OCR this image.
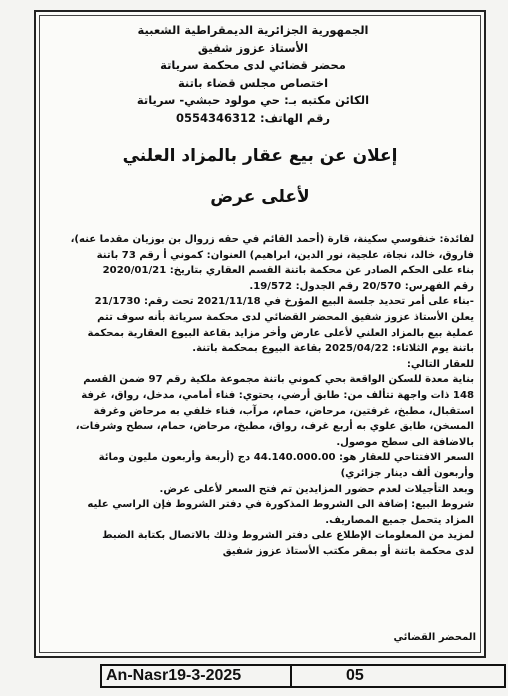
الجمهورية الجزائرية الديمقراطية الشعبية
الأستاذ عزوز شفيق
محضر قضائي لدى محكمة سرياتة
اختصاص مجلس قضاء باتنة
الكائن مكتبه بـ: حي مولود حبشي- سرياتة
رقم الهاتف: 0554346312
إعلان عن بيع عقار بالمزاد العلني
لأعلى عرض
لفائدة: خنفوسي سكينة، قارة (أحمد القائم في حقه زروال بن بوزيان مقدما عنه)،
فاروق، خالد، نجاة، علجية، نور الدين، ابراهيم) العنوان: كموني أ رقم 73 باتنة
بناء على الحكم الصادر عن محكمة باتنة القسم العقاري بتاريخ: 2020/01/21
رقم الفهرس: 20/570 رقم الجدول: 19/572.
-بناء على أمر تحديد جلسة البيع المؤرخ في 2021/11/18 تحت رقم: 21/1730
يعلن الأستاذ عزوز شفيق المحضر القضائي لدى محكمة سرياتة بأنه سوف تتم
عملية بيع بالمزاد العلني لأعلى عارض وأخر مزايد بقاعة البيوع العقارية بمحكمة
باتنة يوم الثلاثاء: 2025/04/22 بقاعة البيوع بمحكمة باتنة.
للعقار التالي:
بناية معدة للسكن الواقعة بحي كموني باتنة مجموعة ملكية رقم 97 ضمن القسم
148 ذات واجهة تتألف من: طابق أرضي، يحتوي: فناء أمامي، مدخل، رواق، غرفة
استقبال، مطبخ، غرفتين، مرحاض، حمام، مرآب، فناء خلفي به مرحاض وغرفة
المسخن، طابق علوي به أربع غرف، رواق، مطبخ، مرحاض، حمام، سطح وشرفات،
بالاضافة الى سطح موصول.
السعر الافتتاحي للعقار هو: 44.140.000.00 دج (أربعة وأربعون مليون ومائة
وأربعون ألف دينار جزائري)
وبعد التأجيلات لعدم حضور المزايدين تم فتح السعر لأعلى عرض.
شروط البيع: إضافة الى الشروط المذكورة في دفتر الشروط فإن الراسي عليه
المزاد يتحمل جميع المصاريف.
لمزيد من المعلومات الإطلاع على دفتر الشروط وذلك بالاتصال بكتابة الضبط
لدى محكمة باتنة أو بمقر مكتب الأستاذ عزوز شفيق
المحضر القضائي
An-Nasr19-3-2025	05
